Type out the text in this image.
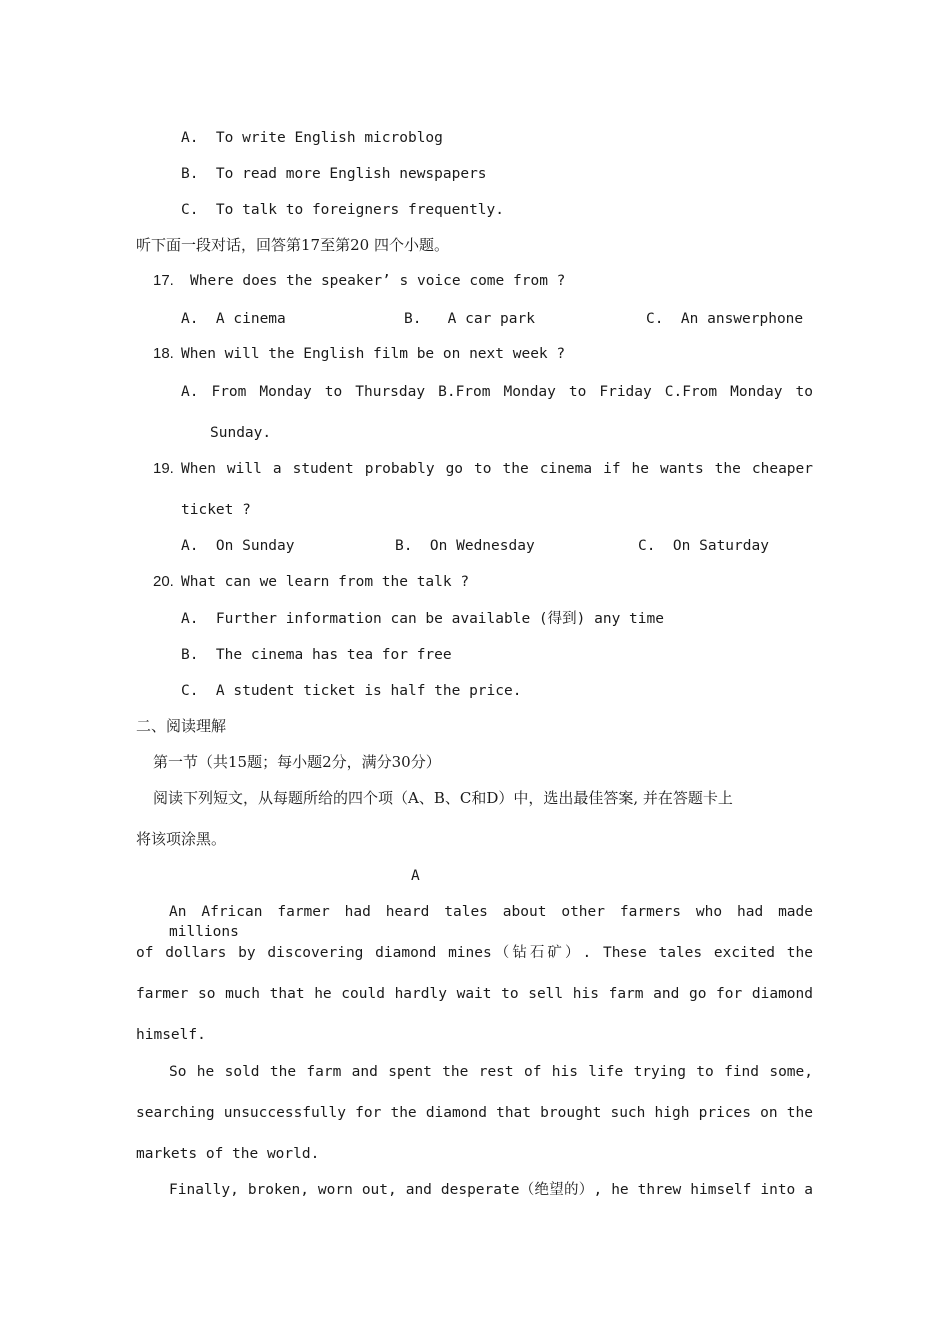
A.  To write English microblog
B.  To read more English newspapers
C.  To talk to foreigners frequently.
听下面一段对话，回答第17至第20 四个小题。
17. Where does the speaker’ s voice come from ?
A.  A cinema	B.   A car park	C.  An answerphone
18. When will the English film be on next week ?
A. From Monday to Thursday B.From Monday to Friday C.From Monday to
Sunday.
19. When will a student probably go to the cinema if he wants the cheaper
ticket ?
A.  On Sunday	B.  On Wednesday	C.  On Saturday
20. What can we learn from the talk ?
A.  Further information can be available (得到) any time
B.  The cinema has tea for free
C.  A student ticket is half the price.
二、阅读理解
第一节（共15题；每小题2分，满分30分）
阅读下列短文，从每题所给的四个项（A、B、C和D）中，选出最佳答案, 并在答题卡上
将该项涂黑。
A
An African farmer had heard tales about other farmers who had made millions
of dollars by discovering diamond mines（钻石矿）. These tales excited the
farmer so much that he could hardly wait to sell his farm and go for diamond
himself.
So he sold the farm and spent the rest of his life trying to find some,
searching unsuccessfully for the diamond that brought such high prices on the
markets of the world.
Finally, broken, worn out, and desperate（绝望的）, he threw himself into a
